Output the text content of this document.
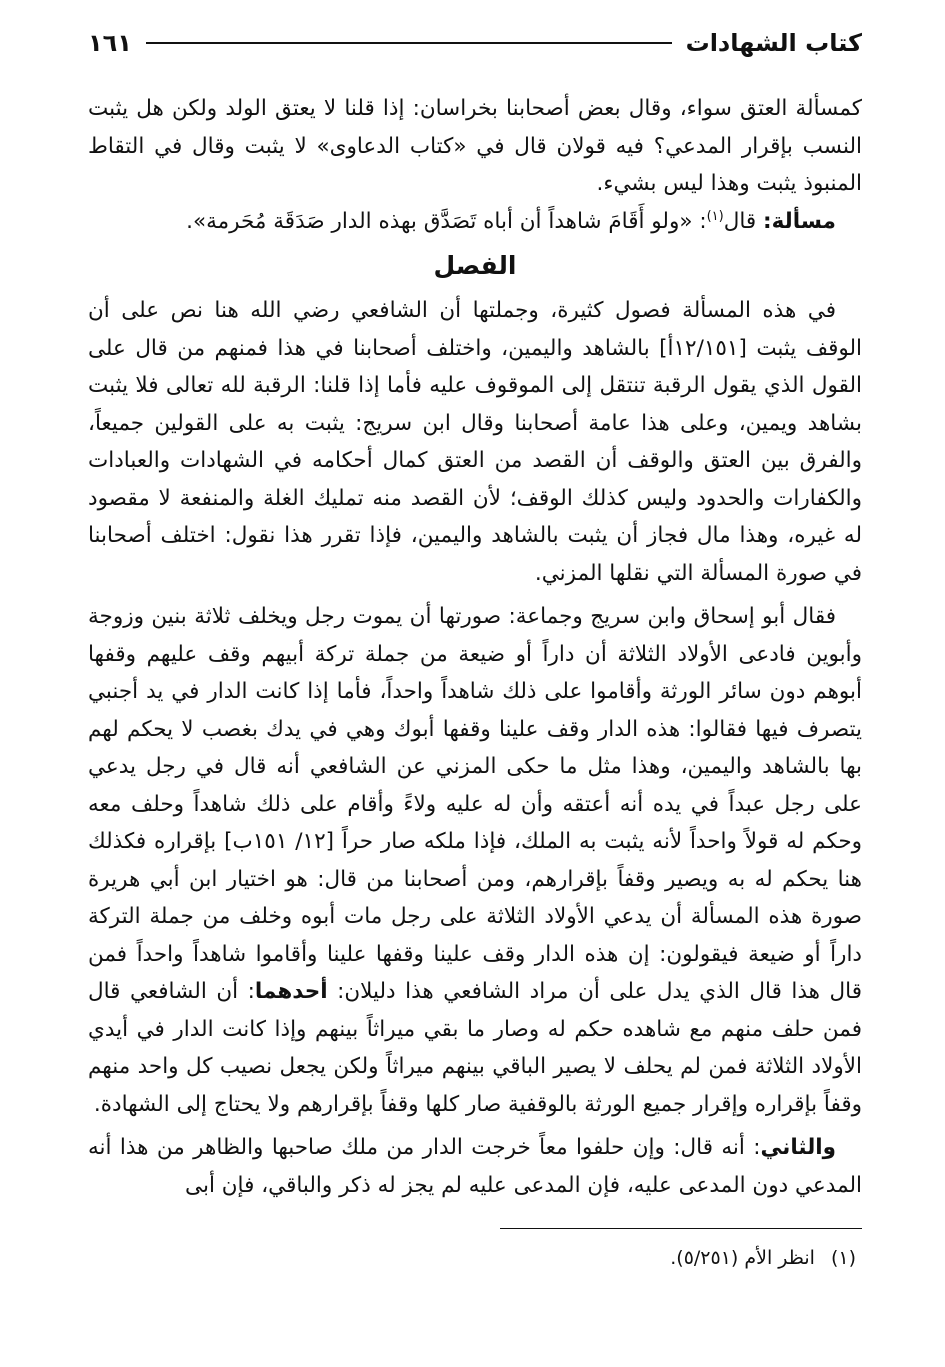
كتاب الشهادات
١٦١

كمسألة العتق سواء، وقال بعض أصحابنا بخراسان: إذا قلنا لا يعتق الولد ولكن هل يثبت النسب بإقرار المدعي؟ فيه قولان قال في «كتاب الدعاوى» لا يثبت وقال في التقاط المنبوذ يثبت وهذا ليس بشيء.

مسألة: قال$^{(١)}$: «ولو أَقَامَ شاهداً أن أباه تَصَدَّق بهذه الدار صَدَقَة مُحَرمة».

الفصل

في هذه المسألة فصول كثيرة، وجملتها أن الشافعي رضي الله هنا نص على أن الوقف يثبت [١٢/١٥١أ] بالشاهد واليمين، واختلف أصحابنا في هذا فمنهم من قال على القول الذي يقول الرقبة تنتقل إلى الموقوف عليه فأما إذا قلنا: الرقبة لله تعالى فلا يثبت بشاهد ويمين، وعلى هذا عامة أصحابنا وقال ابن سريج: يثبت به على القولين جميعاً، والفرق بين العتق والوقف أن القصد من العتق كمال أحكامه في الشهادات والعبادات والكفارات والحدود وليس كذلك الوقف؛ لأن القصد منه تمليك الغلة والمنفعة لا مقصود له غيره، وهذا مال فجاز أن يثبت بالشاهد واليمين، فإذا تقرر هذا نقول: اختلف أصحابنا في صورة المسألة التي نقلها المزني.

فقال أبو إسحاق وابن سريج وجماعة: صورتها أن يموت رجل ويخلف ثلاثة بنين وزوجة وأبوين فادعى الأولاد الثلاثة أن داراً أو ضيعة من جملة تركة أبيهم وقف عليهم وقفها أبوهم دون سائر الورثة وأقاموا على ذلك شاهداً واحداً، فأما إذا كانت الدار في يد أجنبي يتصرف فيها فقالوا: هذه الدار وقف علينا وقفها أبوك وهي في يدك بغصب لا يحكم لهم بها بالشاهد واليمين، وهذا مثل ما حكى المزني عن الشافعي أنه قال في رجل يدعي على رجل عبداً في يده أنه أعتقه وأن له عليه ولاءً وأقام على ذلك شاهداً وحلف معه وحكم له قولاً واحداً لأنه يثبت به الملك، فإذا ملكه صار حراً [١٢/ ١٥١ب] بإقراره فكذلك هنا يحكم له به ويصير وقفاً بإقرارهم، ومن أصحابنا من قال: هو اختيار ابن أبي هريرة صورة هذه المسألة أن يدعي الأولاد الثلاثة على رجل مات أبوه وخلف من جملة التركة داراً أو ضيعة فيقولون: إن هذه الدار وقف علينا وقفها علينا وأقاموا شاهداً واحداً فمن قال هذا قال الذي يدل على أن مراد الشافعي هذا دليلان: أحدهما: أن الشافعي قال فمن حلف منهم مع شاهده حكم له وصار ما بقي ميراثاً بينهم وإذا كانت الدار في أيدي الأولاد الثلاثة فمن لم يحلف لا يصير الباقي بينهم ميراثاً ولكن يجعل نصيب كل واحد منهم وقفاً بإقراره وإقرار جميع الورثة بالوقفية صار كلها وقفاً بإقرارهم ولا يحتاج إلى الشهادة.

والثاني: أنه قال: وإن حلفوا معاً خرجت الدار من ملك صاحبها والظاهر من هذا أنه المدعي دون المدعى عليه، فإن المدعى عليه لم يجز له ذكر والباقي، فإن أبى

(١)انظر الأم (٥/٢٥١).
